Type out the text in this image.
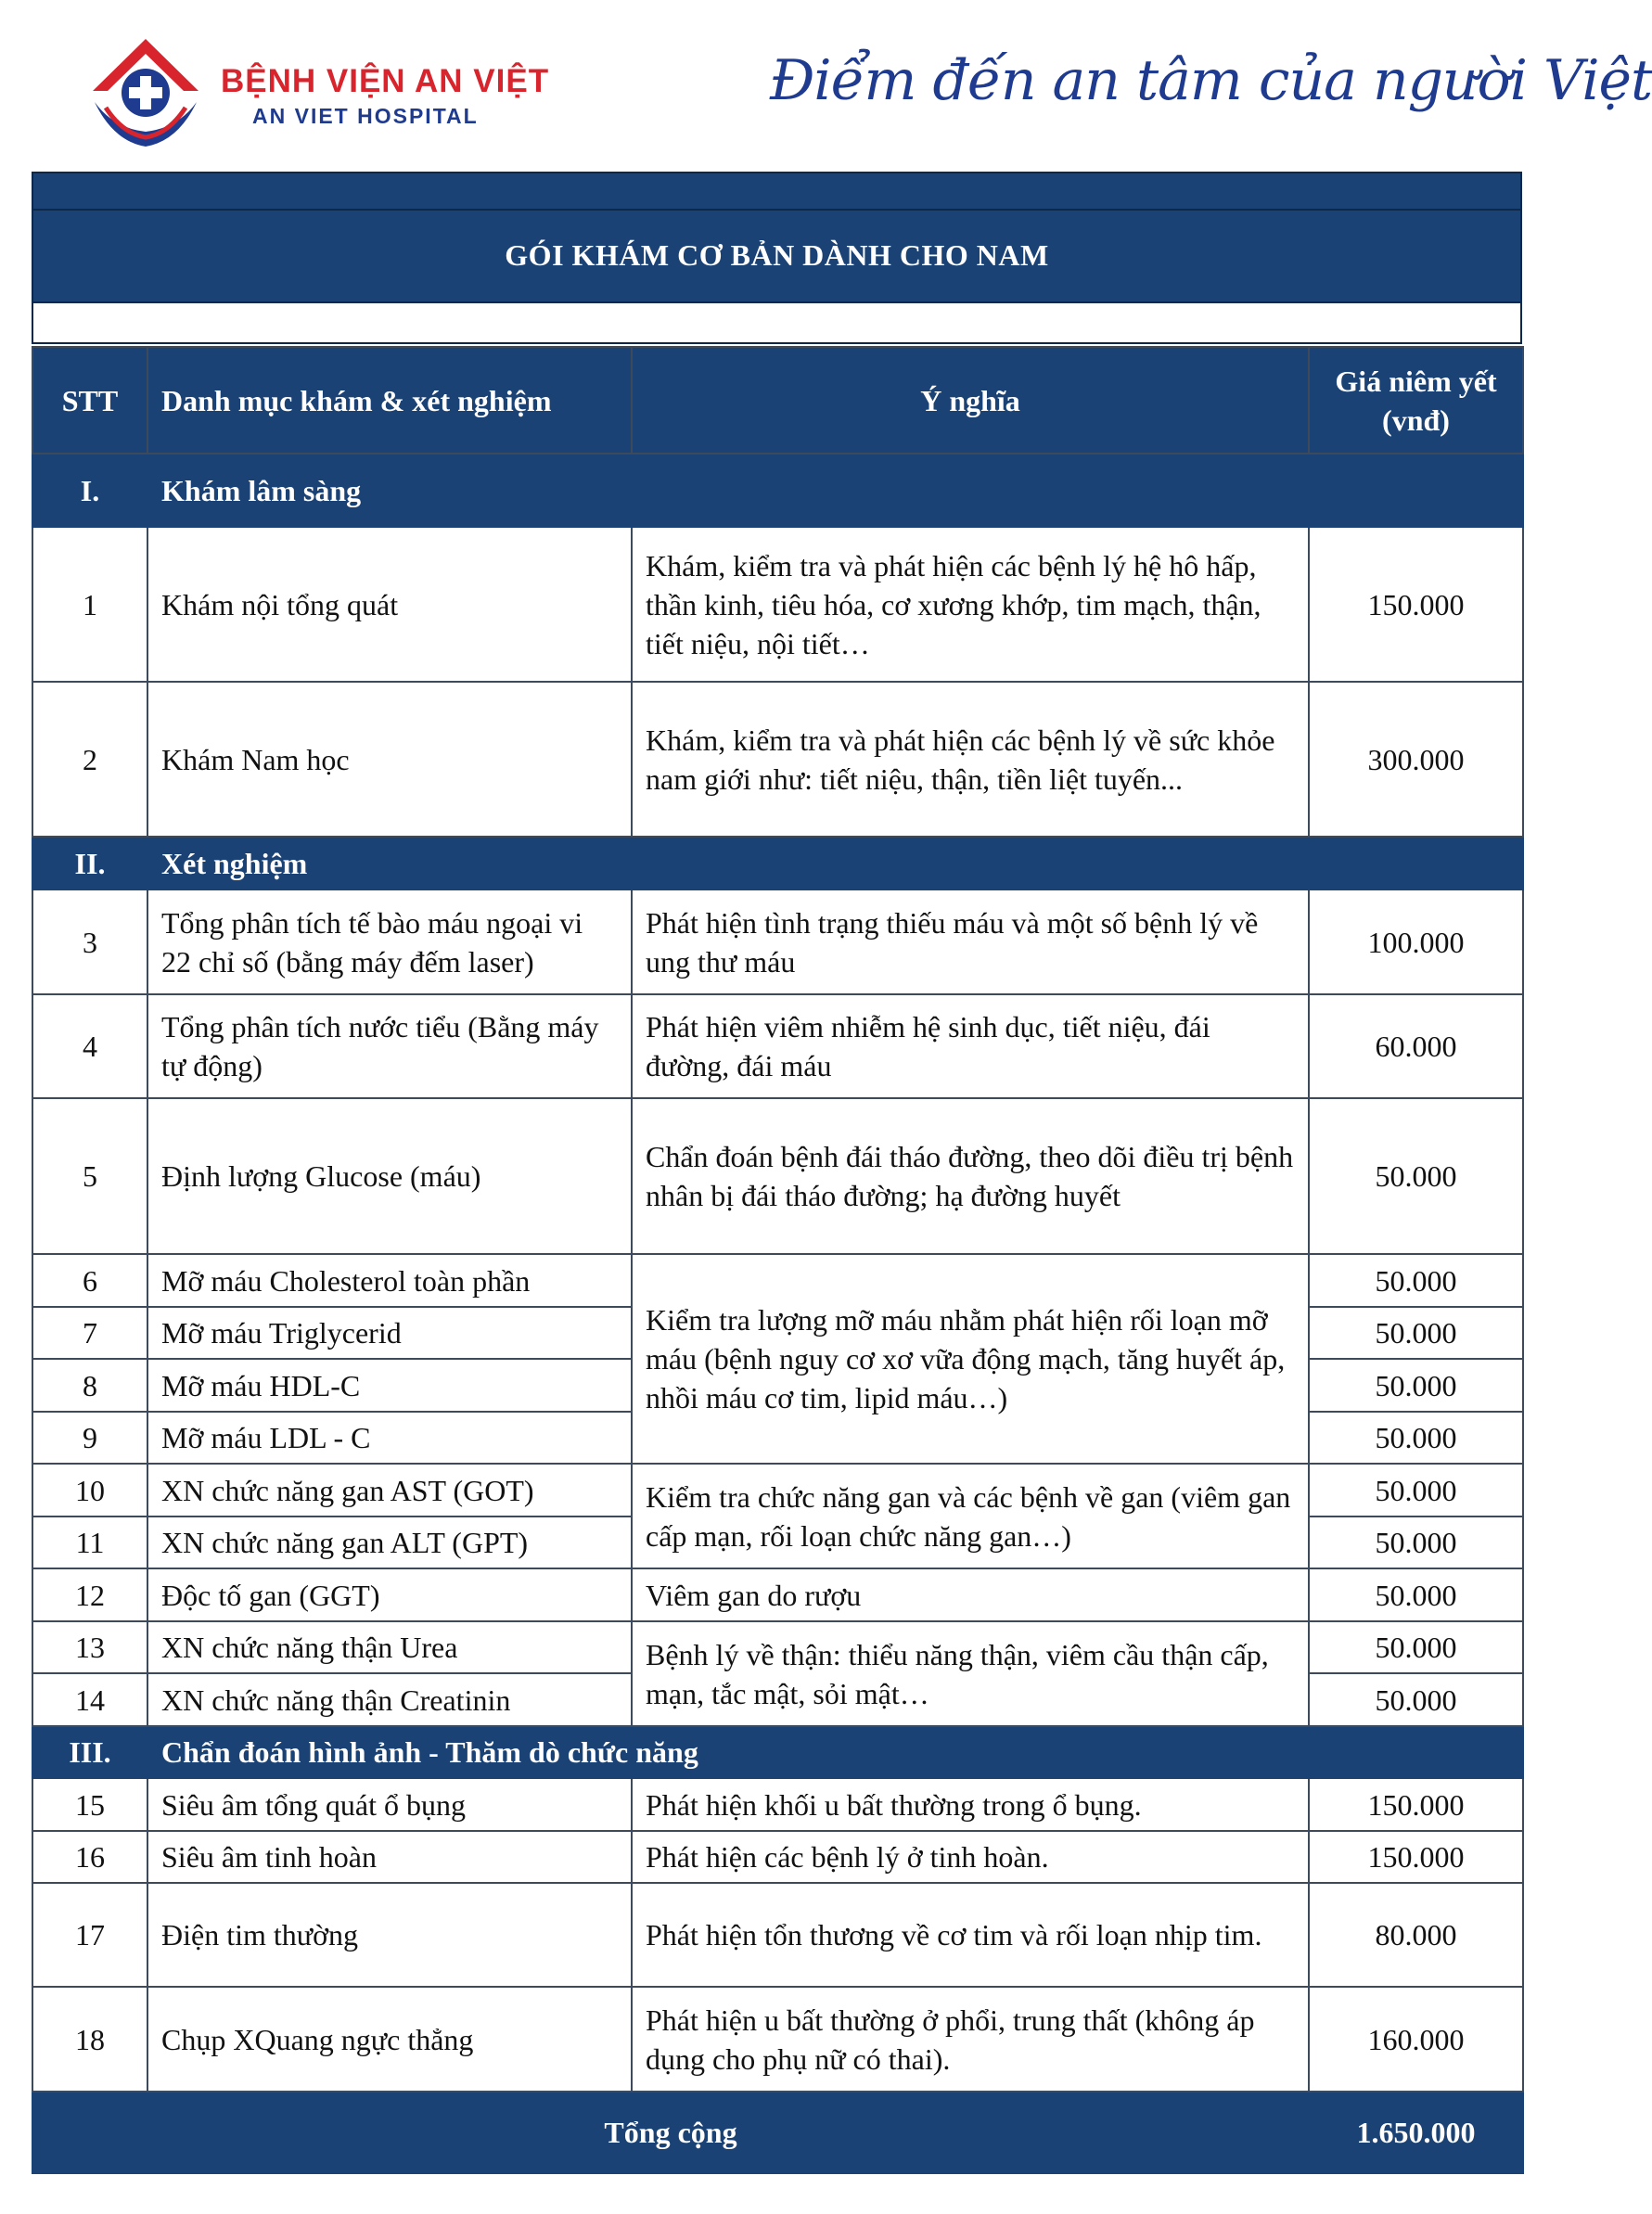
BỆNH VIỆN AN VIỆT
AN VIET HOSPITAL
Điểm đến an tâm của người Việt
GÓI KHÁM CƠ BẢN DÀNH CHO NAM
STT	Danh mục khám & xét nghiệm	Ý nghĩa	Giá niêm yết (vnđ)
I.	Khám lâm sàng		
1	Khám nội tổng quát	Khám, kiểm tra và phát hiện các bệnh lý hệ hô hấp, thần kinh, tiêu hóa, cơ xương khớp, tim mạch, thận, tiết niệu, nội tiết…	150.000
2	Khám Nam học	Khám, kiểm tra và phát hiện các bệnh lý về sức khỏe nam giới như: tiết niệu, thận, tiền liệt tuyến...	300.000
II.	Xét nghiệm		
3	Tổng phân tích tế bào máu ngoại vi 22 chỉ số (bằng máy đếm laser)	Phát hiện tình trạng thiếu máu và một số bệnh lý về ung thư máu	100.000
4	Tổng phân tích nước tiểu (Bằng máy tự động)	Phát hiện viêm nhiễm hệ sinh dục, tiết niệu, đái đường, đái máu	60.000
5	Định lượng Glucose (máu)	Chẩn đoán bệnh đái tháo đường, theo dõi điều trị bệnh nhân bị đái tháo đường; hạ đường huyết	50.000
6	Mỡ máu Cholesterol toàn phần	Kiểm tra lượng mỡ máu nhằm phát hiện rối loạn mỡ máu (bệnh nguy cơ xơ vữa động mạch, tăng huyết áp, nhồi máu cơ tim, lipid máu…)	50.000
7	Mỡ máu Triglycerid		50.000
8	Mỡ máu HDL-C		50.000
9	Mỡ máu LDL - C		50.000
10	XN chức năng gan AST (GOT)	Kiểm tra chức năng gan và các bệnh về gan (viêm gan cấp mạn, rối loạn chức năng gan…)	50.000
11	XN chức năng gan ALT (GPT)		50.000
12	Độc tố gan (GGT)	Viêm gan do rượu	50.000
13	XN chức năng thận Urea	Bệnh lý về thận: thiểu năng thận, viêm cầu thận cấp, mạn, tắc mật, sỏi mật…	50.000
14	XN chức năng thận Creatinin		50.000
III.	Chẩn đoán hình ảnh - Thăm dò chức năng		
15	Siêu âm tổng quát ổ bụng	Phát hiện khối u bất thường trong ổ bụng.	150.000
16	Siêu âm tinh hoàn	Phát hiện các bệnh lý ở tinh hoàn.	150.000
17	Điện tim thường	Phát hiện tổn thương về cơ tim và rối loạn nhịp tim.	80.000
18	Chụp XQuang ngực thẳng	Phát hiện u bất thường ở phổi, trung thất (không áp dụng cho phụ nữ có thai).	160.000
Tổng cộng			1.650.000
